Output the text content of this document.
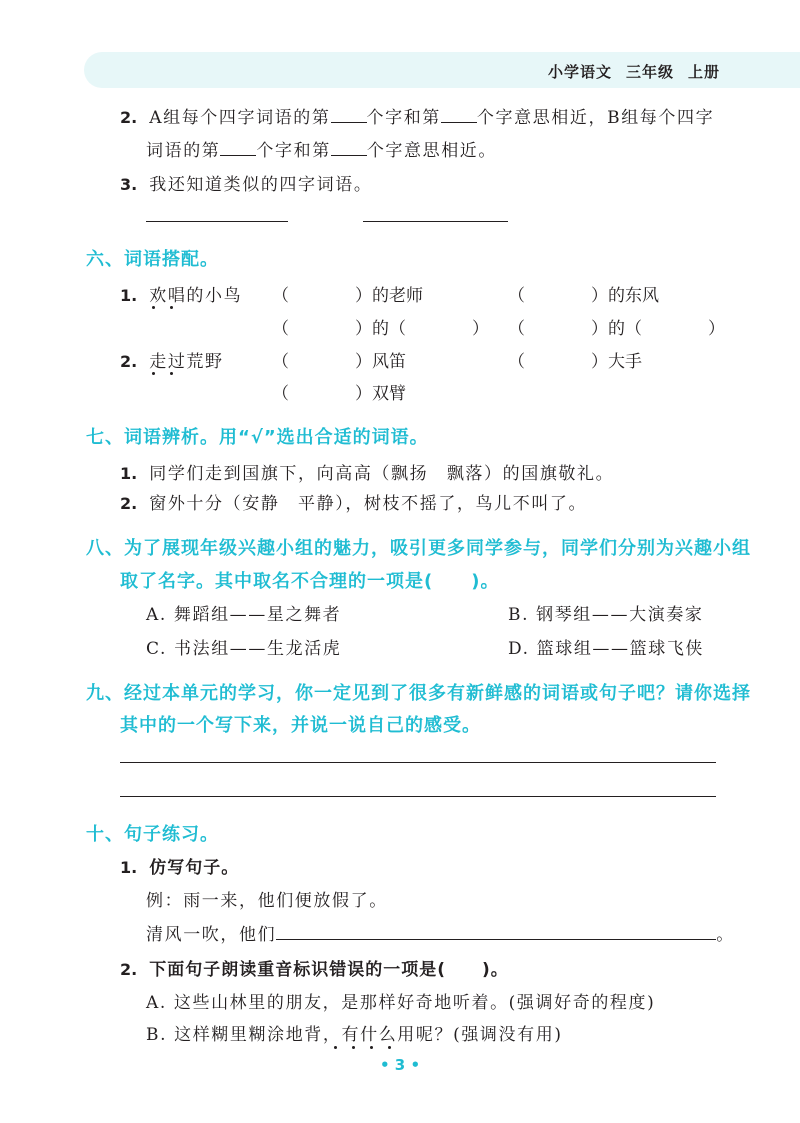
小学语文 三年级 上册
2. A组每个四字词语的第 个字和第 个字意思相近，B组每个四字
词语的第 个字和第 个字意思相近。
3. 我还知道类似的四字词语。
六、词语搭配。
1. 欢唱的小鸟 （	）的老师	（	）的东风
（	）的（	） （	）的（	）
2. 走过荒野	（	）风笛	（	）大手
（	）双臂
七、词语辨析。用“√”选出合适的词语。
1. 同学们走到国旗下，向高高（飘扬　飘落）的国旗敬礼。
2. 窗外十分（安静　平静），树枝不摇了，鸟儿不叫了。
八、为了展现年级兴趣小组的魅力，吸引更多同学参与，同学们分别为兴趣小组
取了名字。其中取名不合理的一项是(　　)。
A. 舞蹈组——星之舞者	B. 钢琴组——大演奏家
C. 书法组——生龙活虎	D. 篮球组——篮球飞侠
九、经过本单元的学习，你一定见到了很多有新鲜感的词语或句子吧？请你选择
其中的一个写下来，并说一说自己的感受。
十、句子练习。
1. 仿写句子。
例：雨一来，他们便放假了。
清风一吹，他们	。
2. 下面句子朗读重音标识错误的一项是(　　)。
A. 这些山林里的朋友，是那样好奇地听着。(强调好奇的程度)
B. 这样糊里糊涂地背，有什么用呢？(强调没有用)
• 3 •
